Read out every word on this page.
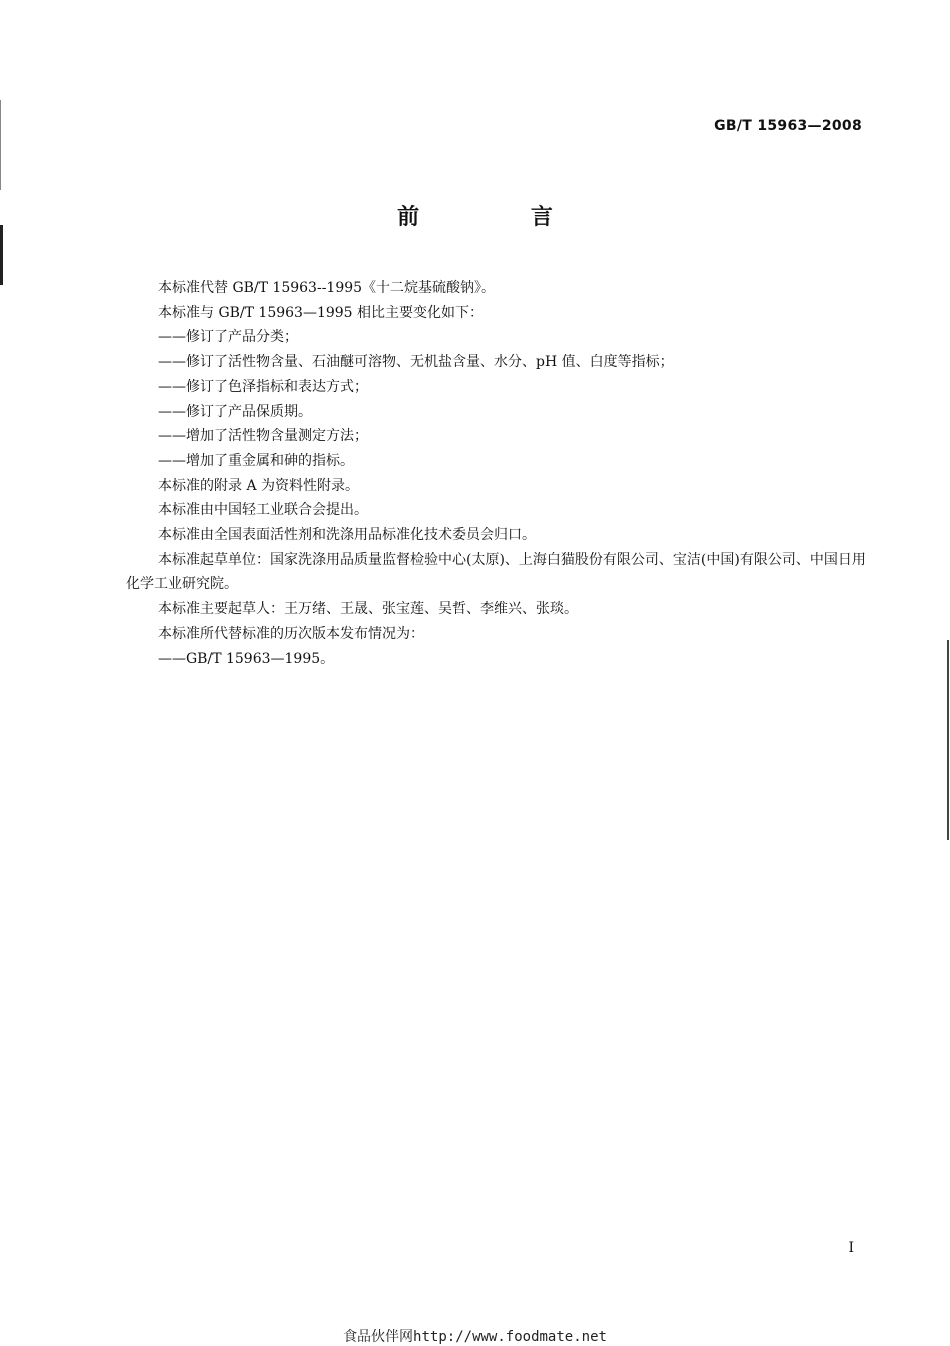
GB/T 15963—2008
前 言

本标准代替 GB/T 15963--1995《十二烷基硫酸钠》。

本标准与 GB/T 15963—1995 相比主要变化如下：

——修订了产品分类；

——修订了活性物含量、石油醚可溶物、无机盐含量、水分、pH 值、白度等指标；

——修订了色泽指标和表达方式；

——修订了产品保质期。

——增加了活性物含量测定方法；

——增加了重金属和砷的指标。

本标准的附录 A 为资料性附录。

本标准由中国轻工业联合会提出。

本标准由全国表面活性剂和洗涤用品标准化技术委员会归口。

本标准起草单位：国家洗涤用品质量监督检验中心(太原)、上海白猫股份有限公司、宝洁(中国)有限公司、中国日用化学工业研究院。

本标准主要起草人：王万绪、王晟、张宝莲、吴哲、李维兴、张琰。

本标准所代替标准的历次版本发布情况为：

——GB/T 15963—1995。

I
食品伙伴网http://www.foodmate.net
